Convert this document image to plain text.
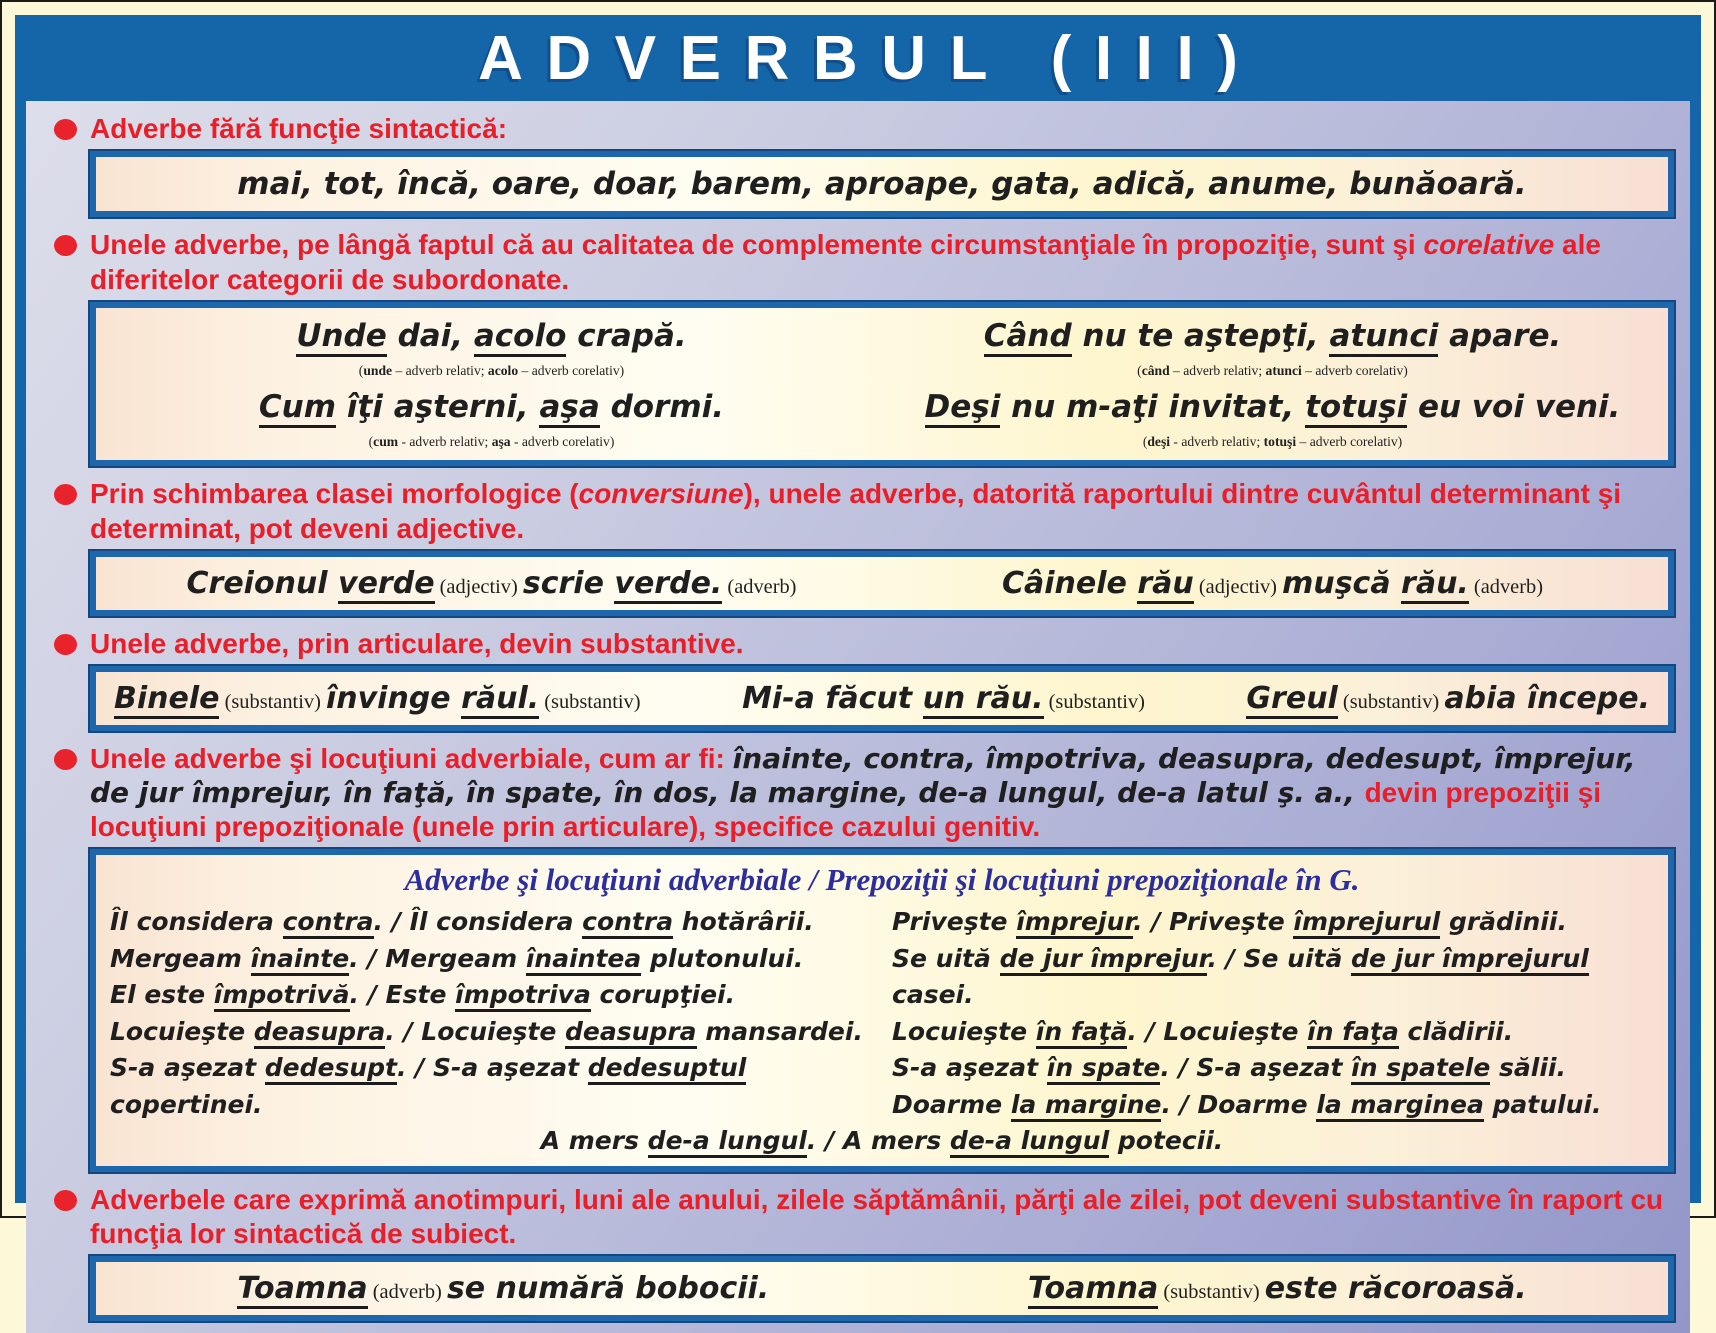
ADVERBUL (III)

Adverbe fără funcţie sintactică:

mai, tot, încă, oare, doar, barem, aproape, gata, adică, anume, bunăoară.

Unele adverbe, pe lângă faptul că au calitatea de complemente circumstanţiale în propoziţie, sunt şi corelative ale diferitelor categorii de subordonate.

Unde dai, acolo crapă.

(unde – adverb relativ; acolo – adverb corelativ)

Când nu te aştepţi, atunci apare.

(când – adverb relativ; atunci – adverb corelativ)

Cum îţi aşterni, aşa dormi.

(cum - adverb relativ; aşa - adverb corelativ)

Deşi nu m-aţi invitat, totuşi eu voi veni.

(deşi - adverb relativ; totuşi – adverb corelativ)

Prin schimbarea clasei morfologice (conversiune), unele adverbe, datorită raportului dintre cuvântul determinant şi determinat, pot deveni adjective.

Creionul verde (adjectiv) scrie verde. (adverb)	Câinele rău (adjectiv) muşcă rău. (adverb)

Unele adverbe, prin articulare, devin substantive.

Binele (substantiv) învinge răul. (substantiv)	Mi-a făcut un rău. (substantiv)	Greul (substantiv) abia începe.

Unele adverbe şi locuţiuni adverbiale, cum ar fi: înainte, contra, împotriva, deasupra, dedesupt, împrejur, de jur împrejur, în faţă, în spate, în dos, la margine, de-a lungul, de-a latul ş. a., devin prepoziţii şi locuţiuni prepoziţionale (unele prin articulare), specifice cazului genitiv.

Adverbe şi locuţiuni adverbiale / Prepoziţii şi locuţiuni prepoziţionale în G.

Îl considera contra. / Îl considera contra hotărârii.

Mergeam înainte. / Mergeam înaintea plutonului.

El este împotrivă. / Este împotriva corupţiei.

Locuieşte deasupra. / Locuieşte deasupra mansardei.

S-a aşezat dedesupt. / S-a aşezat dedesuptul copertinei.

Priveşte împrejur. / Priveşte împrejurul grădinii.

Se uită de jur împrejur. / Se uită de jur împrejurul casei.

Locuieşte în faţă. / Locuieşte în faţa clădirii.

S-a aşezat în spate. / S-a aşezat în spatele sălii.

Doarme la margine. / Doarme la marginea patului.

A mers de-a lungul. / A mers de-a lungul potecii.

Adverbele care exprimă anotimpuri, luni ale anului, zilele săptămânii, părţi ale zilei, pot deveni substantive în raport cu funcţia lor sintactică de subiect.

Toamna (adverb) se numără bobocii.	Toamna (substantiv) este răcoroasă.
